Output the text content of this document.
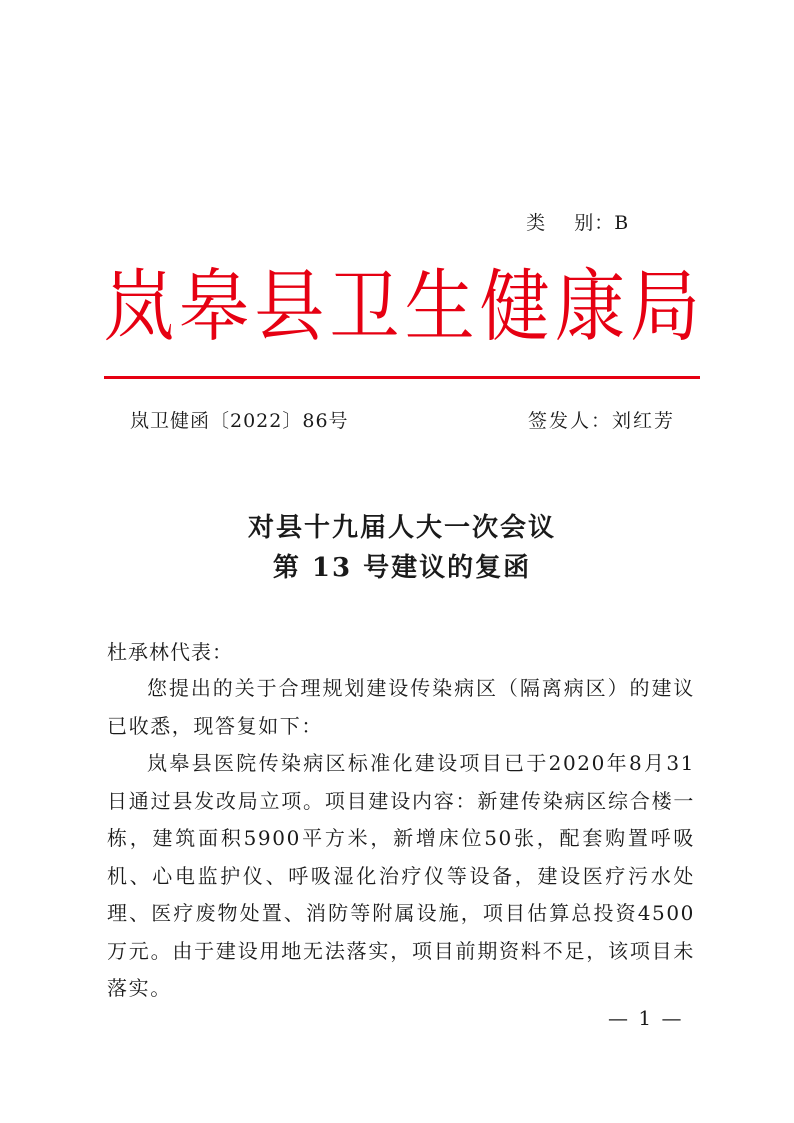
类    别：B

岚 皋 县 卫 生 健 康 局
岚卫健函〔2022〕86号	签发人：刘红芳
对县十九届人大一次会议
第 13 号建议的复函
杜承林代表：

您提出的关于合理规划建设传染病区（隔离病区）的建议已收悉，现答复如下：

岚皋县医院传染病区标准化建设项目已于2020年8月31日通过县发改局立项。项目建设内容：新建传染病区综合楼一栋，建筑面积5900平方米，新增床位50张，配套购置呼吸机、心电监护仪、呼吸湿化治疗仪等设备，建设医疗污水处理、医疗废物处置、消防等附属设施，项目估算总投资4500万元。由于建设用地无法落实，项目前期资料不足，该项目未落实。

— 1 —
